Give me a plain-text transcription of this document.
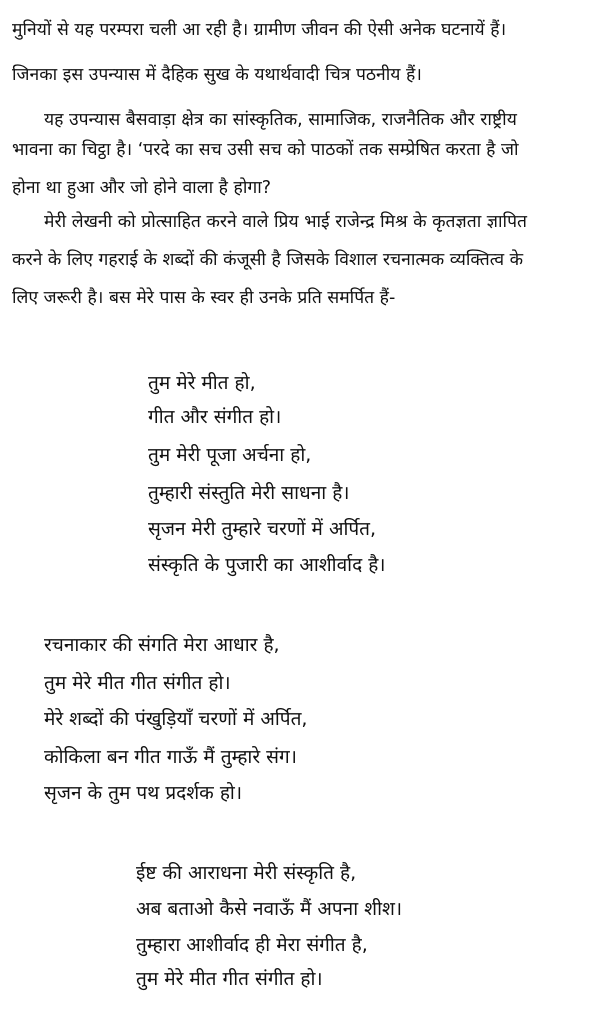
मुनियों से यह परम्परा चली आ रही है। ग्रामीण जीवन की ऐसी अनेक घटनायें हैं।
जिनका इस उपन्यास में दैहिक सुख के यथार्थवादी चित्र पठनीय हैं।
यह उपन्यास बैसवाड़ा क्षेत्र का सांस्कृतिक, सामाजिक, राजनैतिक और राष्ट्रीय
भावना का चिट्ठा है। ‘परदे का सच उसी सच को पाठकों तक सम्प्रेषित करता है जो
होना था हुआ और जो होने वाला है होगा?
मेरी लेखनी को प्रोत्साहित करने वाले प्रिय भाई राजेन्द्र मिश्र के कृतज्ञता ज्ञापित
करने के लिए गहराई के शब्दों की कंजूसी है जिसके विशाल रचनात्मक व्यक्तित्व के
लिए जरूरी है। बस मेरे पास के स्वर ही उनके प्रति समर्पित हैं-
तुम मेरे मीत हो,
गीत और संगीत हो।
तुम मेरी पूजा अर्चना हो,
तुम्हारी संस्तुति मेरी साधना है।
सृजन मेरी तुम्हारे चरणों में अर्पित,
संस्कृति के पुजारी का आशीर्वाद है।
रचनाकार की संगति मेरा आधार है,
तुम मेरे मीत गीत संगीत हो।
मेरे शब्दों की पंखुड़ियाँ चरणों में अर्पित,
कोकिला बन गीत गाऊँ मैं तुम्हारे संग।
सृजन के तुम पथ प्रदर्शक हो।
ईष्ट की आराधना मेरी संस्कृति है,
अब बताओ कैसे नवाऊँ मैं अपना शीश।
तुम्हारा आशीर्वाद ही मेरा संगीत है,
तुम मेरे मीत गीत संगीत हो।
